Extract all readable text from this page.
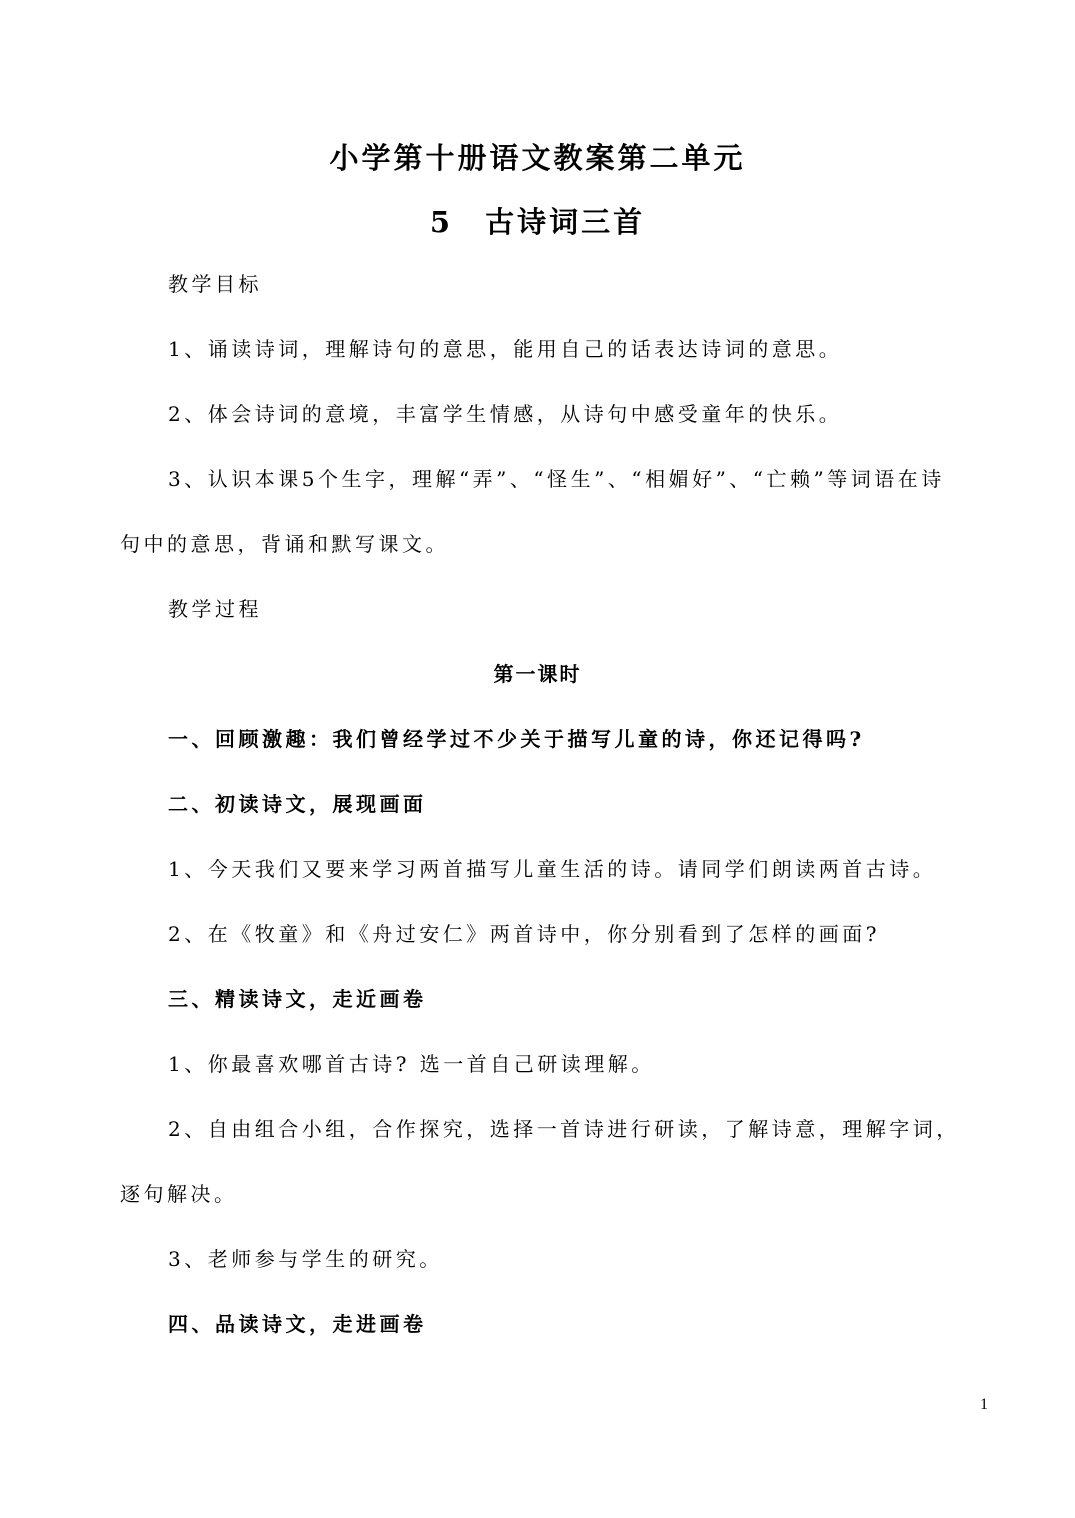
小学第十册语文教案第二单元
5 古诗词三首
教学目标
1、诵读诗词，理解诗句的意思，能用自己的话表达诗词的意思。
2、体会诗词的意境，丰富学生情感，从诗句中感受童年的快乐。
3、认识本课5个生字，理解“弄”、“怪生”、“相媚好”、“亡赖”等词语在诗
句中的意思，背诵和默写课文。
教学过程
第一课时
一、回顾激趣：我们曾经学过不少关于描写儿童的诗，你还记得吗?
二、初读诗文，展现画面
1、今天我们又要来学习两首描写儿童生活的诗。请同学们朗读两首古诗。
2、在《牧童》和《舟过安仁》两首诗中，你分别看到了怎样的画面?
三、精读诗文，走近画卷
1、你最喜欢哪首古诗? 选一首自己研读理解。
2、自由组合小组，合作探究，选择一首诗进行研读，了解诗意，理解字词，
逐句解决。
3、老师参与学生的研究。
四、品读诗文，走进画卷
1
